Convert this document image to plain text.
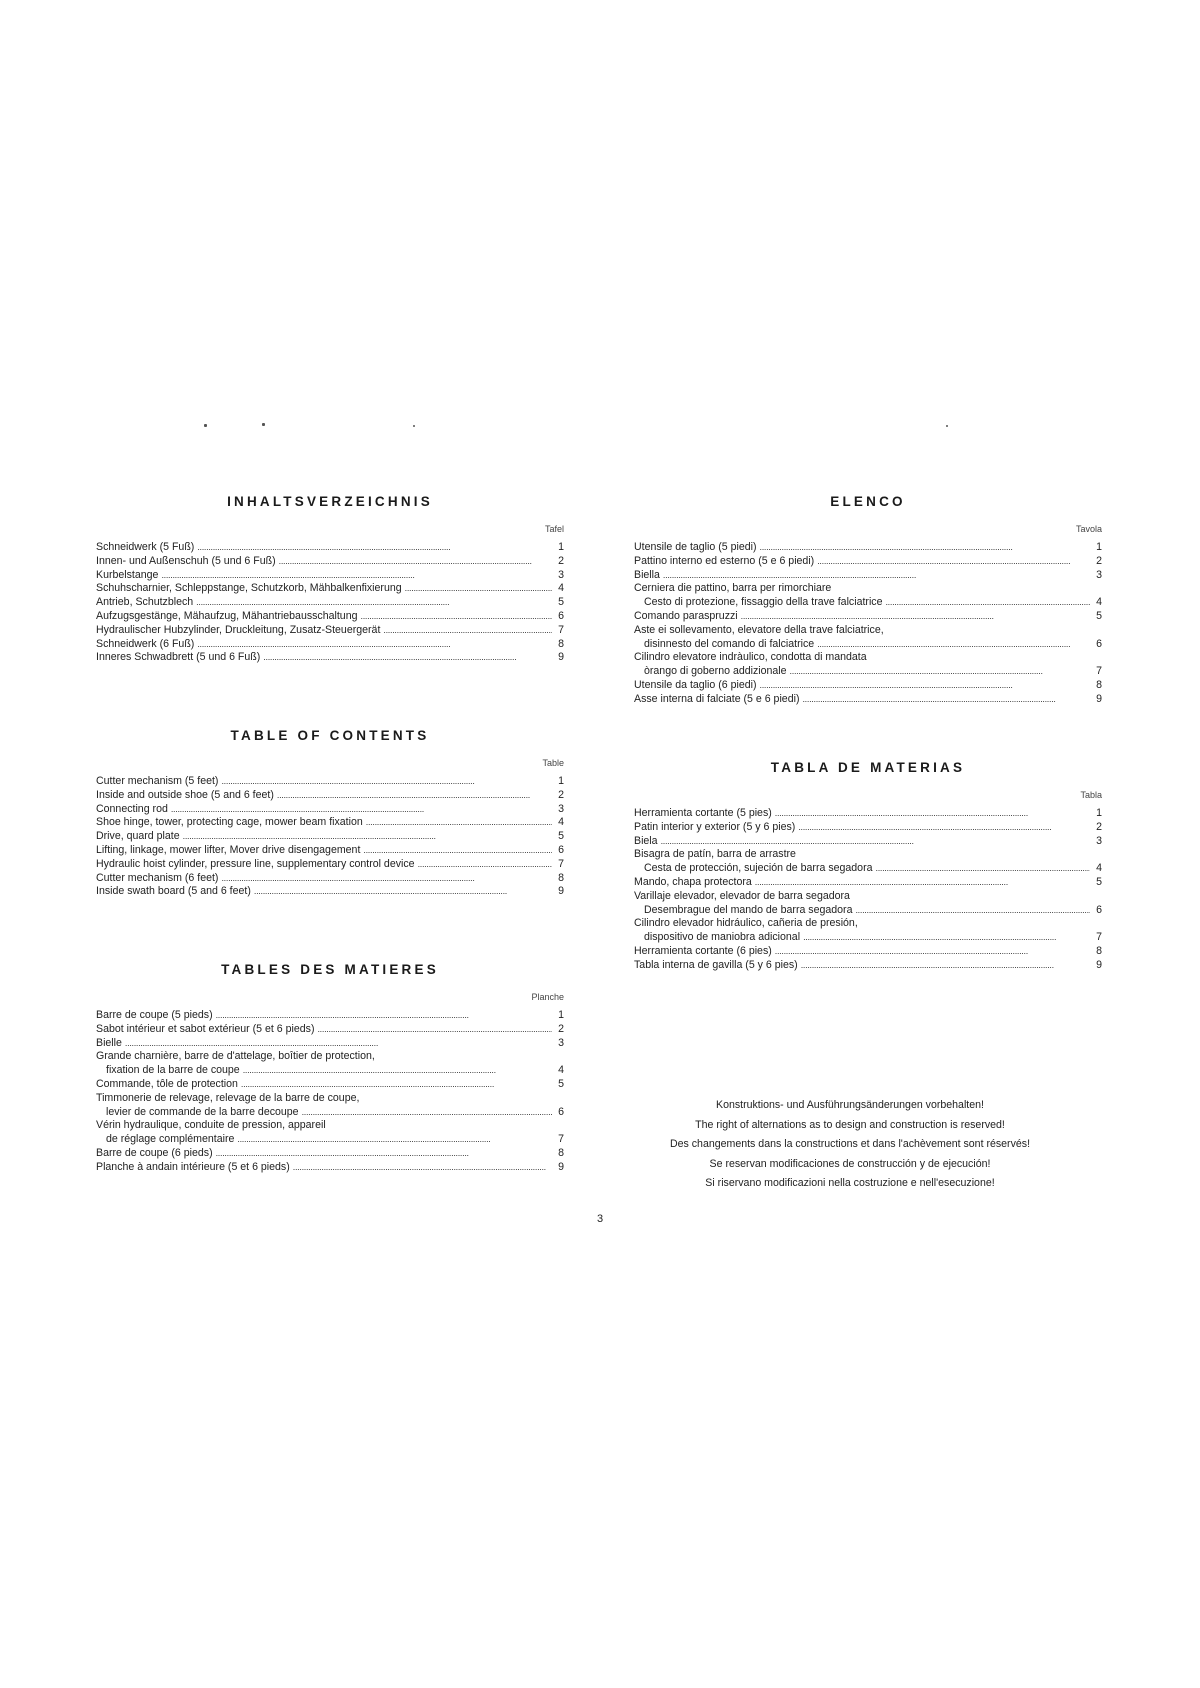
INHALTSVERZEICHNIS
Tafel
Schneidwerk (5 Fuß) . . .	1
Innen- und Außenschuh (5 und 6 Fuß) . . .	2
Kurbelstange . . .	3
Schuhscharnier, Schleppstange, Schutzkorb, Mähbalkenfixierung . . .	4
Antrieb, Schutzblech . . .	5
Aufzugsgestänge, Mähaufzug, Mähantriebausschaltung . . .	6
Hydraulischer Hubzylinder, Druckleitung, Zusatz-Steuergerät . . .	7
Schneidwerk (6 Fuß) . . .	8
Inneres Schwadbrett (5 und 6 Fuß) . . .	9
TABLE OF CONTENTS
Table
Cutter mechanism (5 feet) . . .	1
Inside and outside shoe (5 and 6 feet) . . .	2
Connecting rod . . .	3
Shoe hinge, tower, protecting cage, mower beam fixation . . .	4
Drive, quard plate . . .	5
Lifting, linkage, mower lifter, Mover drive disengagement . . .	6
Hydraulic hoist cylinder, pressure line, supplementary control device . . .	7
Cutter mechanism (6 feet) . . .	8
Inside swath board (5 and 6 feet) . . .	9
TABLES DES MATIERES
Planche
Barre de coupe (5 pieds) . . .	1
Sabot intérieur et sabot extérieur (5 et 6 pieds) . . .	2
Bielle . . .	3
Grande charnière, barre de d'attelage, boîtier de protection,
fixation de la barre de coupe . . .	4
Commande, tôle de protection . . .	5
Timmonerie de relevage, relevage de la barre de coupe,
levier de commande de la barre decoupe . . .	6
Vérin hydraulique, conduite de pression, appareil
de réglage complémentaire . . .	7
Barre de coupe (6 pieds) . . .	8
Planche à andain intérieure (5 et 6 pieds) . . .	9
ELENCO
Tavola
Utensile de taglio (5 piedi) . . .	1
Pattino interno ed esterno (5 e 6 piedi) . . .	2
Biella . . .	3
Cerniera die pattino, barra per rimorchiare
Cesto di protezione, fissaggio della trave falciatrice . . .	4
Comando paraspruzzi . . .	5
Aste ei sollevamento, elevatore della trave falciatrice,
disinnesto del comando di falciatrice . . .	6
Cilindro elevatore indràulico, condotta di mandata
òrango di goberno addizionale . . .	7
Utensile da taglio (6 piedi) . . .	8
Asse interna di falciate (5 e 6 piedi) . . .	9
TABLA DE MATERIAS
Tabla
Herramienta cortante (5 pies) . . .	1
Patin interior y exterior (5 y 6 pies) . . .	2
Biela . . .	3
Bisagra de patín, barra de arrastre
Cesta de protección, sujeción de barra segadora . . .	4
Mando, chapa protectora . . .	5
Varillaje elevador, elevador de barra segadora
Desembrague del mando de barra segadora . . .	6
Cilindro elevador hidráulico, cañeria de presión,
dispositivo de maniobra adicional . . .	7
Herramienta cortante (6 pies) . . .	8
Tabla interna de gavilla (5 y 6 pies) . . .	9
Konstruktions- und Ausführungsänderungen vorbehalten!
The right of alternations as to design and construction is reserved!
Des changements dans la constructions et dans l'achèvement sont réservés!
Se reservan modificaciones de construcción y de ejecución!
Si riservano modificazioni nella costruzione e nell'esecuzione!
3
